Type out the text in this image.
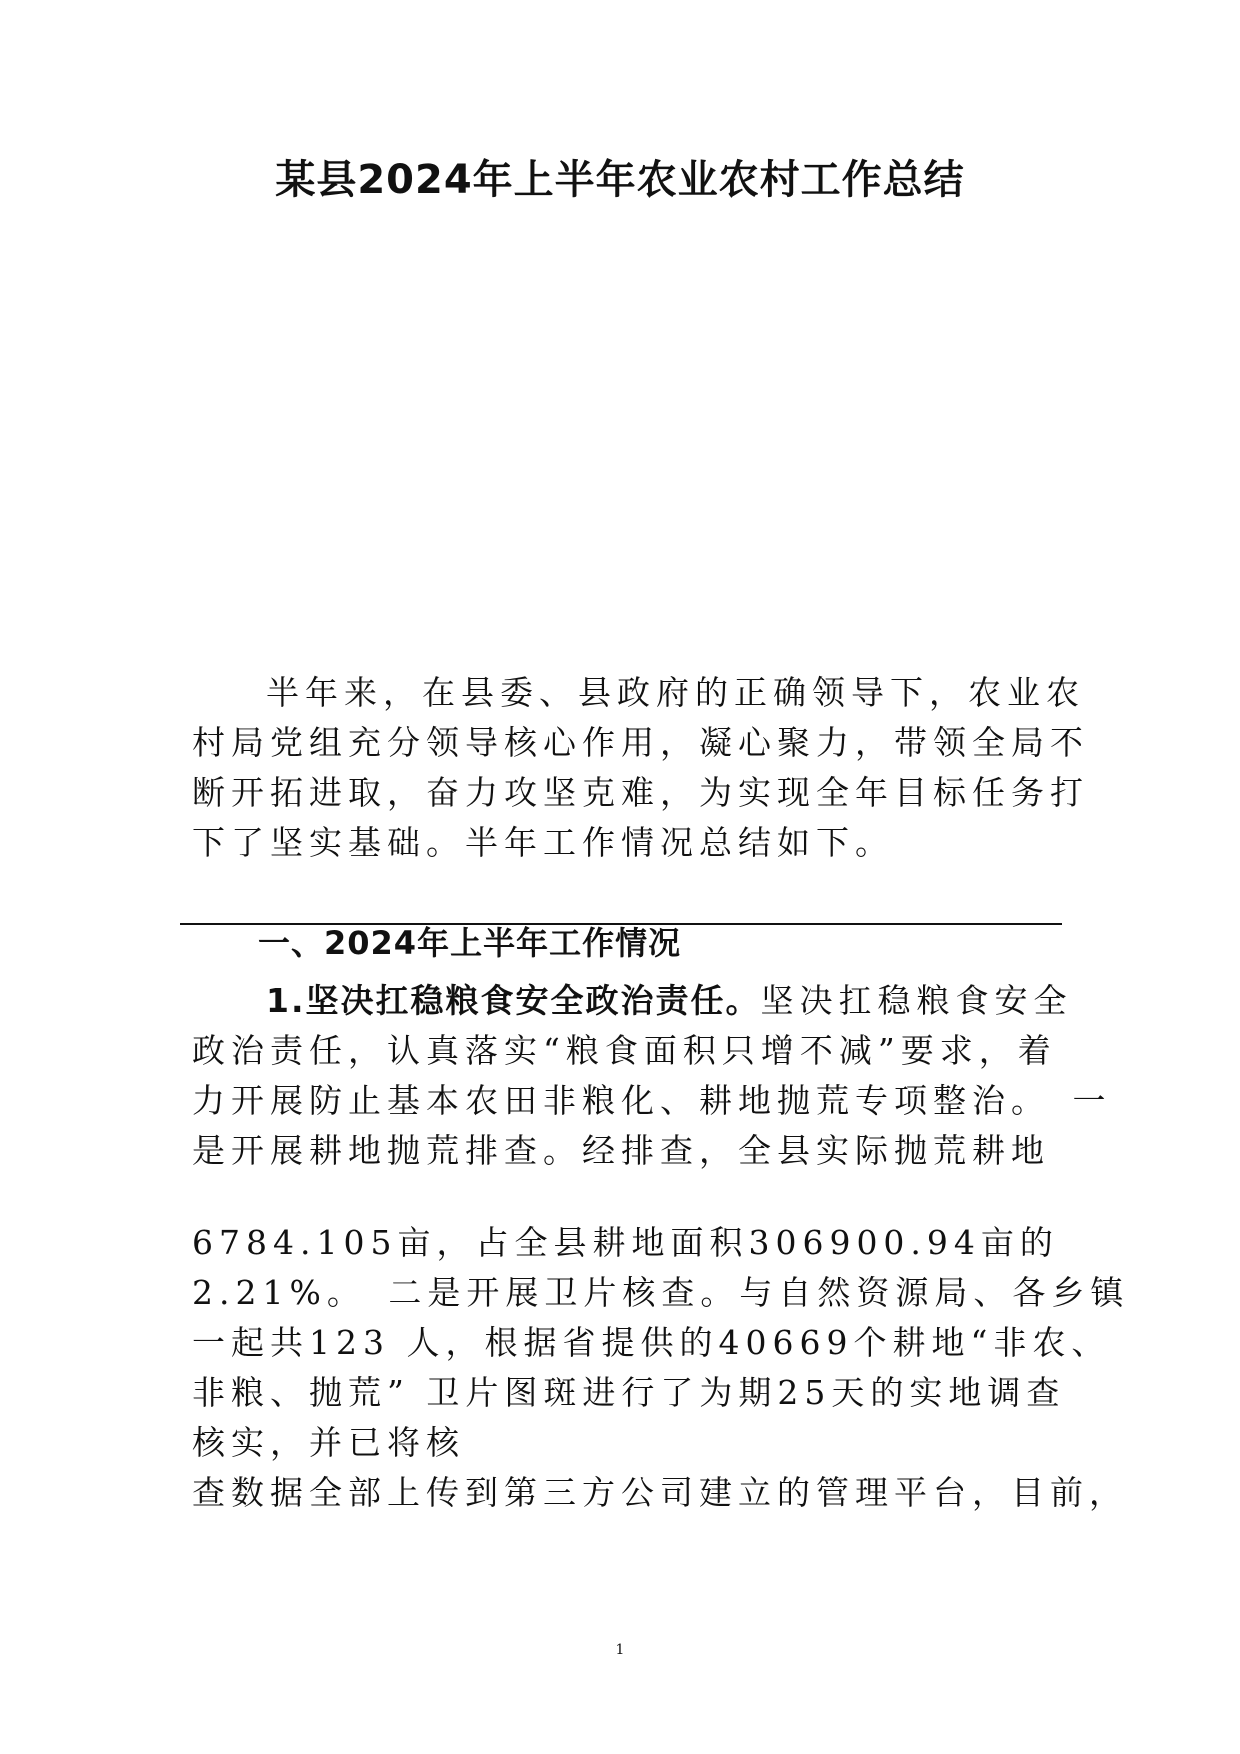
某县2024年上半年农业农村工作总结
半年来，在县委、县政府的正确领导下，农业农
村局党组充分领导核心作用，凝心聚力，带领全局不
断开拓进取，奋力攻坚克难，为实现全年目标任务打
下了坚实基础。半年工作情况总结如下。
一、2024年上半年工作情况
1.坚决扛稳粮食安全政治责任。坚决扛稳粮食安全
政治责任，认真落实“粮食面积只增不减”要求，着
力开展防止基本农田非粮化、耕地抛荒专项整治。　一
是开展耕地抛荒排查。经排查，全县实际抛荒耕地
6784.105亩，占全县耕地面积306900.94亩的
2.21%。　二是开展卫片核查。与自然资源局、各乡镇
一起共123 人，根据省提供的40669个耕地“非农、
非粮、抛荒” 卫片图斑进行了为期25天的实地调查
核实，并已将核
查数据全部上传到第三方公司建立的管理平台，目前，
1
